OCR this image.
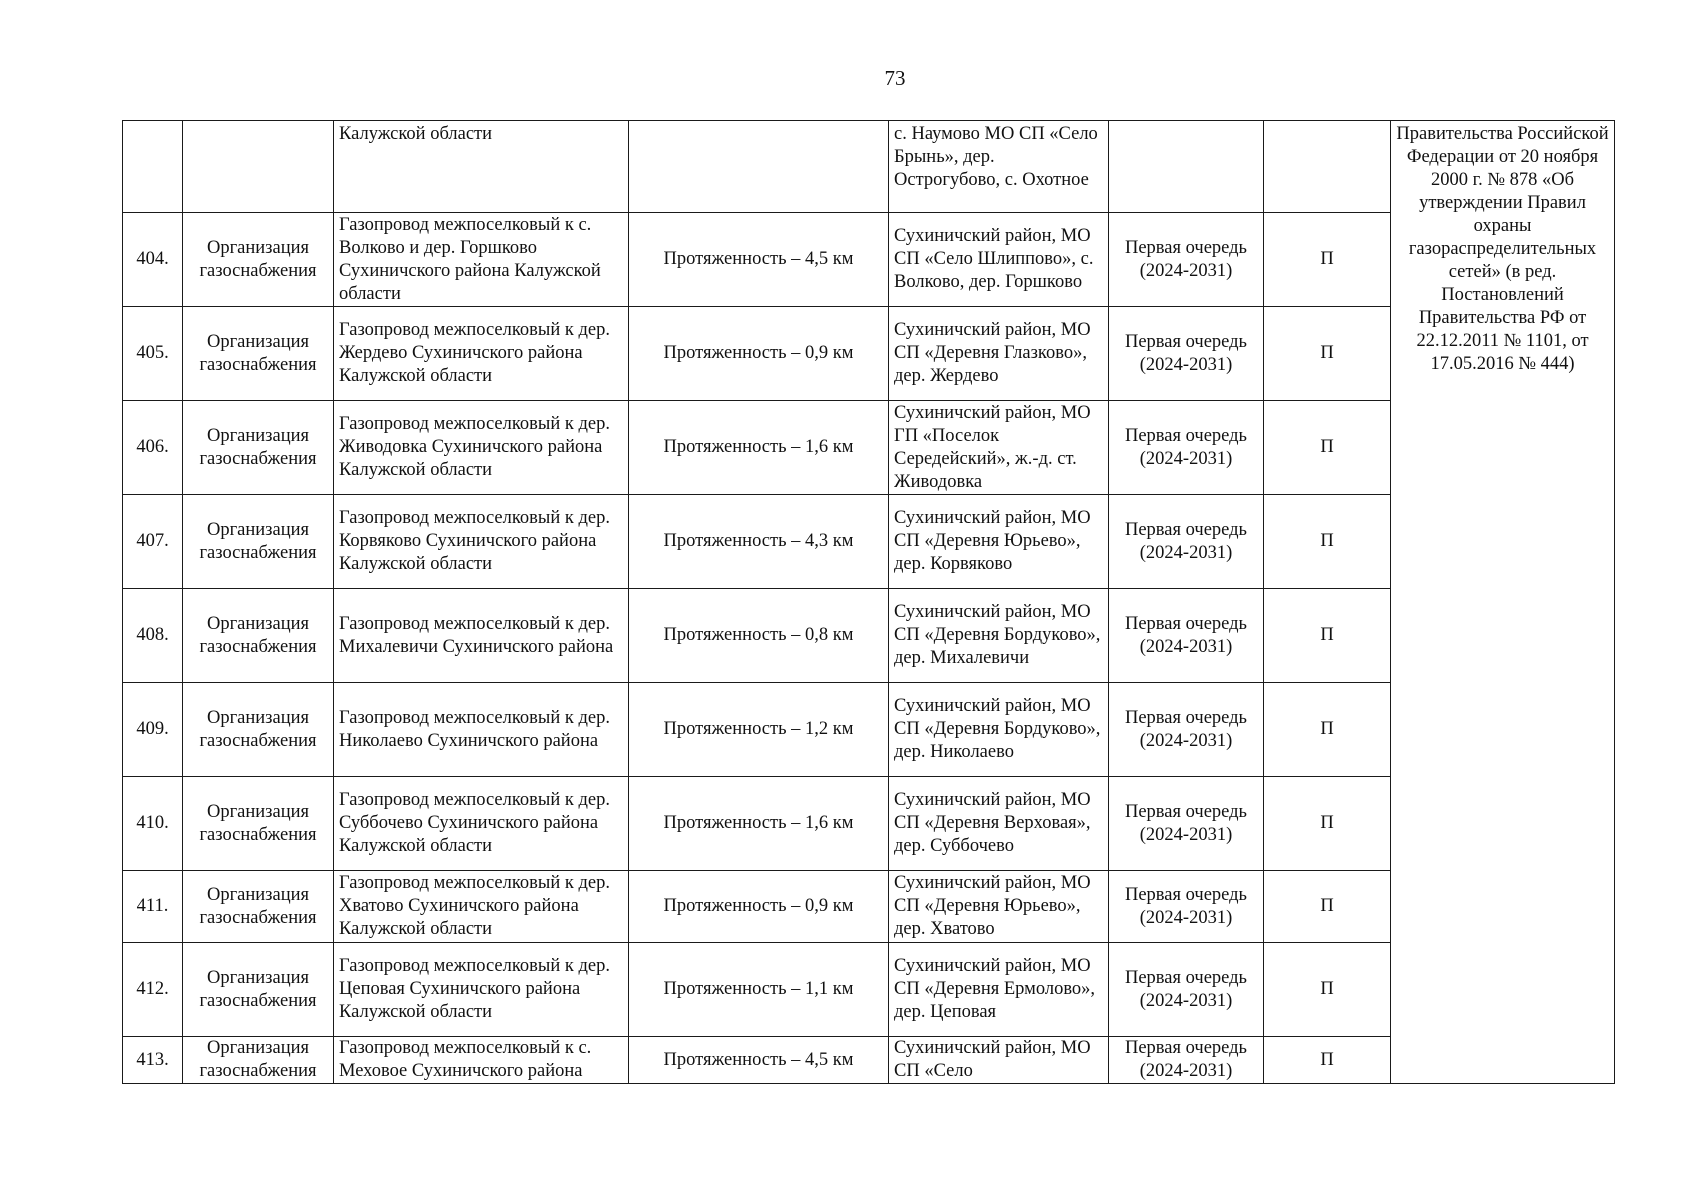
73
		Калужской области		с. Наумово МО СП «Село Брынь», дер. Острогубово, с. Охотное			Правительства Российской Федерации от 20 ноября 2000 г. № 878 «Об утверждении Правил охраны газораспределительных сетей» (в ред. Постановлений Правительства РФ от 22.12.2011 № 1101, от 17.05.2016 № 444)
404.	Организация газоснабжения	Газопровод межпоселковый к с. Волково и дер. Горшково Сухиничского района Калужской области	Протяженность – 4,5 км	Сухиничский район, МО СП «Село Шлиппово», с. Волково, дер. Горшково	Первая очередь (2024-2031)	П	
405.	Организация газоснабжения	Газопровод межпоселковый к дер. Жердево Сухиничского района Калужской области	Протяженность – 0,9 км	Сухиничский район, МО СП «Деревня Глазково», дер. Жердево	Первая очередь (2024-2031)	П	
406.	Организация газоснабжения	Газопровод межпоселковый к дер. Живодовка Сухиничского района Калужской области	Протяженность – 1,6 км	Сухиничский район, МО ГП «Поселок Середейский», ж.-д. ст. Живодовка	Первая очередь (2024-2031)	П	
407.	Организация газоснабжения	Газопровод межпоселковый к дер. Корвяково Сухиничского района Калужской области	Протяженность – 4,3 км	Сухиничский район, МО СП «Деревня Юрьево», дер. Корвяково	Первая очередь (2024-2031)	П	
408.	Организация газоснабжения	Газопровод межпоселковый к дер. Михалевичи Сухиничского района	Протяженность – 0,8 км	Сухиничский район, МО СП «Деревня Бордуково», дер. Михалевичи	Первая очередь (2024-2031)	П	
409.	Организация газоснабжения	Газопровод межпоселковый к дер. Николаево Сухиничского района	Протяженность – 1,2 км	Сухиничский район, МО СП «Деревня Бордуково», дер. Николаево	Первая очередь (2024-2031)	П	
410.	Организация газоснабжения	Газопровод межпоселковый к дер. Суббочево Сухиничского района Калужской области	Протяженность – 1,6 км	Сухиничский район, МО СП «Деревня Верховая», дер. Суббочево	Первая очередь (2024-2031)	П	
411.	Организация газоснабжения	Газопровод межпоселковый к дер. Хватово Сухиничского района Калужской области	Протяженность – 0,9 км	Сухиничский район, МО СП «Деревня Юрьево», дер. Хватово	Первая очередь (2024-2031)	П	
412.	Организация газоснабжения	Газопровод межпоселковый к дер. Цеповая Сухиничского района Калужской области	Протяженность – 1,1 км	Сухиничский район, МО СП «Деревня Ермолово», дер. Цеповая	Первая очередь (2024-2031)	П	
413.	Организация газоснабжения	Газопровод межпоселковый к с. Меховое Сухиничского района	Протяженность – 4,5 км	Сухиничский район, МО СП «Село	Первая очередь (2024-2031)	П	
